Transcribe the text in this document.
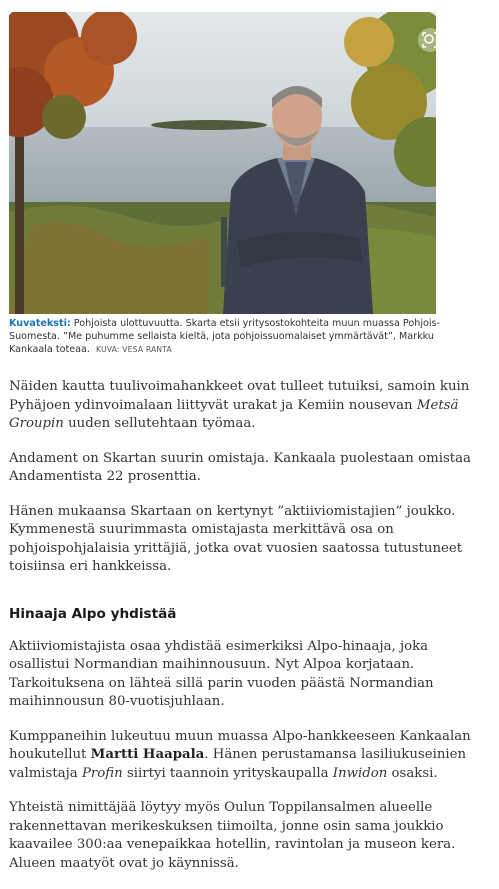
Kuvateksti: Pohjoista ulottuvuutta. Skarta etsii yritysostokohteita muun muassa Pohjois-Suomesta. ”Me puhumme sellaista kieltä, jota pohjoissuomalaiset ymmärtävät”, Markku Kankaala toteaa. KUVA: VESA RANTA

Näiden kautta tuulivoimahankkeet ovat tulleet tutuiksi, samoin kuin Pyhäjoen ydinvoimalaan liittyvät urakat ja Kemiin nousevan Metsä Groupin uuden sellutehtaan työmaa.

Andament on Skartan suurin omistaja. Kankaala puolestaan omistaa Andamentista 22 prosenttia.

Hänen mukaansa Skartaan on kertynyt ”aktiiviomistajien” joukko. Kymmenestä suurimmasta omistajasta merkittävä osa on pohjoispohjalaisia yrittäjiä, jotka ovat vuosien saatossa tutustuneet toisiinsa eri hankkeissa.

Hinaaja Alpo yhdistää

Aktiiviomistajista osaa yhdistää esimerkiksi Alpo-hinaaja, joka osallistui Normandian maihinnousuun. Nyt Alpoa korjataan. Tarkoituksena on lähteä sillä parin vuoden päästä Normandian maihinnousun 80-vuotisjuhlaan.

Kumppaneihin lukeutuu muun muassa Alpo-hankkeeseen Kankaalan houkutellut Martti Haapala. Hänen perustamansa lasiliukuseinien valmistaja Profin siirtyi taannoin yrityskaupalla Inwidon osaksi.

Yhteistä nimittäjää löytyy myös Oulun Toppilansalmen alueelle rakennettavan merikeskuksen tiimoilta, jonne osin sama joukkio kaavailee 300:aa venepaikkaa hotellin, ravintolan ja museon kera. Alueen maatyöt ovat jo käynnissä.
